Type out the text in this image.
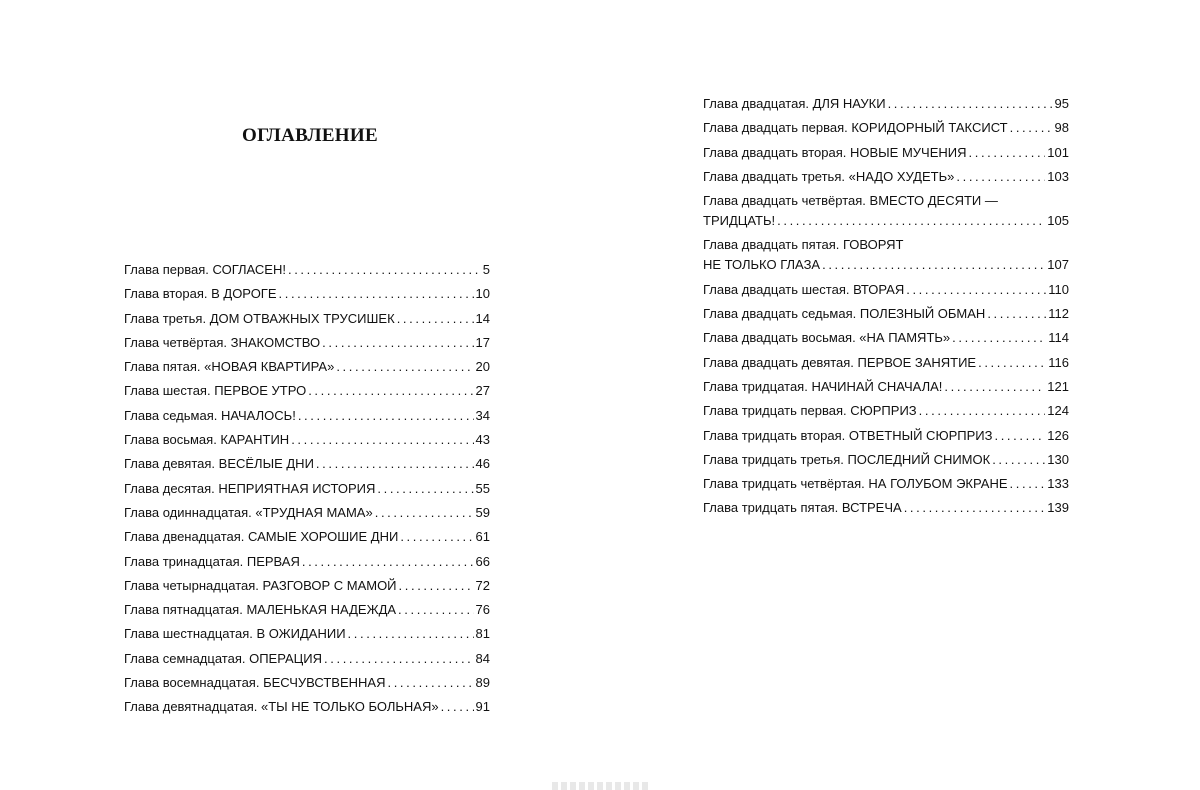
ОГЛАВЛЕНИЕ
Глава первая. СОГЛАСЕН! . . .	5
Глава вторая. В ДОРОГЕ . . .	10
Глава третья. ДОМ ОТВАЖНЫХ ТРУСИШЕК . . .	14
Глава четвёртая. ЗНАКОМСТВО . . .	17
Глава пятая. «НОВАЯ КВАРТИРА» . . .	20
Глава шестая. ПЕРВОЕ УТРО . . .	27
Глава седьмая. НАЧАЛОСЬ! . . .	34
Глава восьмая. КАРАНТИН . . .	43
Глава девятая. ВЕСЁЛЫЕ ДНИ . . .	46
Глава десятая. НЕПРИЯТНАЯ ИСТОРИЯ . . .	55
Глава одиннадцатая. «ТРУДНАЯ МАМА» . . .	59
Глава двенадцатая. САМЫЕ ХОРОШИЕ ДНИ . . .	61
Глава тринадцатая. ПЕРВАЯ . . .	66
Глава четырнадцатая. РАЗГОВОР С МАМОЙ . . .	72
Глава пятнадцатая. МАЛЕНЬКАЯ НАДЕЖДА . . .	76
Глава шестнадцатая. В ОЖИДАНИИ . . .	81
Глава семнадцатая. ОПЕРАЦИЯ . . .	84
Глава восемнадцатая. БЕСЧУВСТВЕННАЯ . . .	89
Глава девятнадцатая. «ТЫ НЕ ТОЛЬКО БОЛЬНАЯ» . . .	91
Глава двадцатая. ДЛЯ НАУКИ . . .	95
Глава двадцать первая. КОРИДОРНЫЙ ТАКСИСТ . . .	98
Глава двадцать вторая. НОВЫЕ МУЧЕНИЯ . . .	101
Глава двадцать третья. «НАДО ХУДЕТЬ» . . .	103
Глава двадцать четвёртая. ВМЕСТО ДЕСЯТИ —
ТРИДЦАТЬ! . . .	105
Глава двадцать пятая. ГОВОРЯТ
НЕ ТОЛЬКО ГЛАЗА . . .	107
Глава двадцать шестая. ВТОРАЯ . . .	110
Глава двадцать седьмая. ПОЛЕЗНЫЙ ОБМАН . . .	112
Глава двадцать восьмая. «НА ПАМЯТЬ» . . .	114
Глава двадцать девятая. ПЕРВОЕ ЗАНЯТИЕ . . .	116
Глава тридцатая. НАЧИНАЙ СНАЧАЛА! . . .	121
Глава тридцать первая. СЮРПРИЗ . . .	124
Глава тридцать вторая. ОТВЕТНЫЙ СЮРПРИЗ . . .	126
Глава тридцать третья. ПОСЛЕДНИЙ СНИМОК . . .	130
Глава тридцать четвёртая. НА ГОЛУБОМ ЭКРАНЕ . . .	133
Глава тридцать пятая. ВСТРЕЧА . . .	139
